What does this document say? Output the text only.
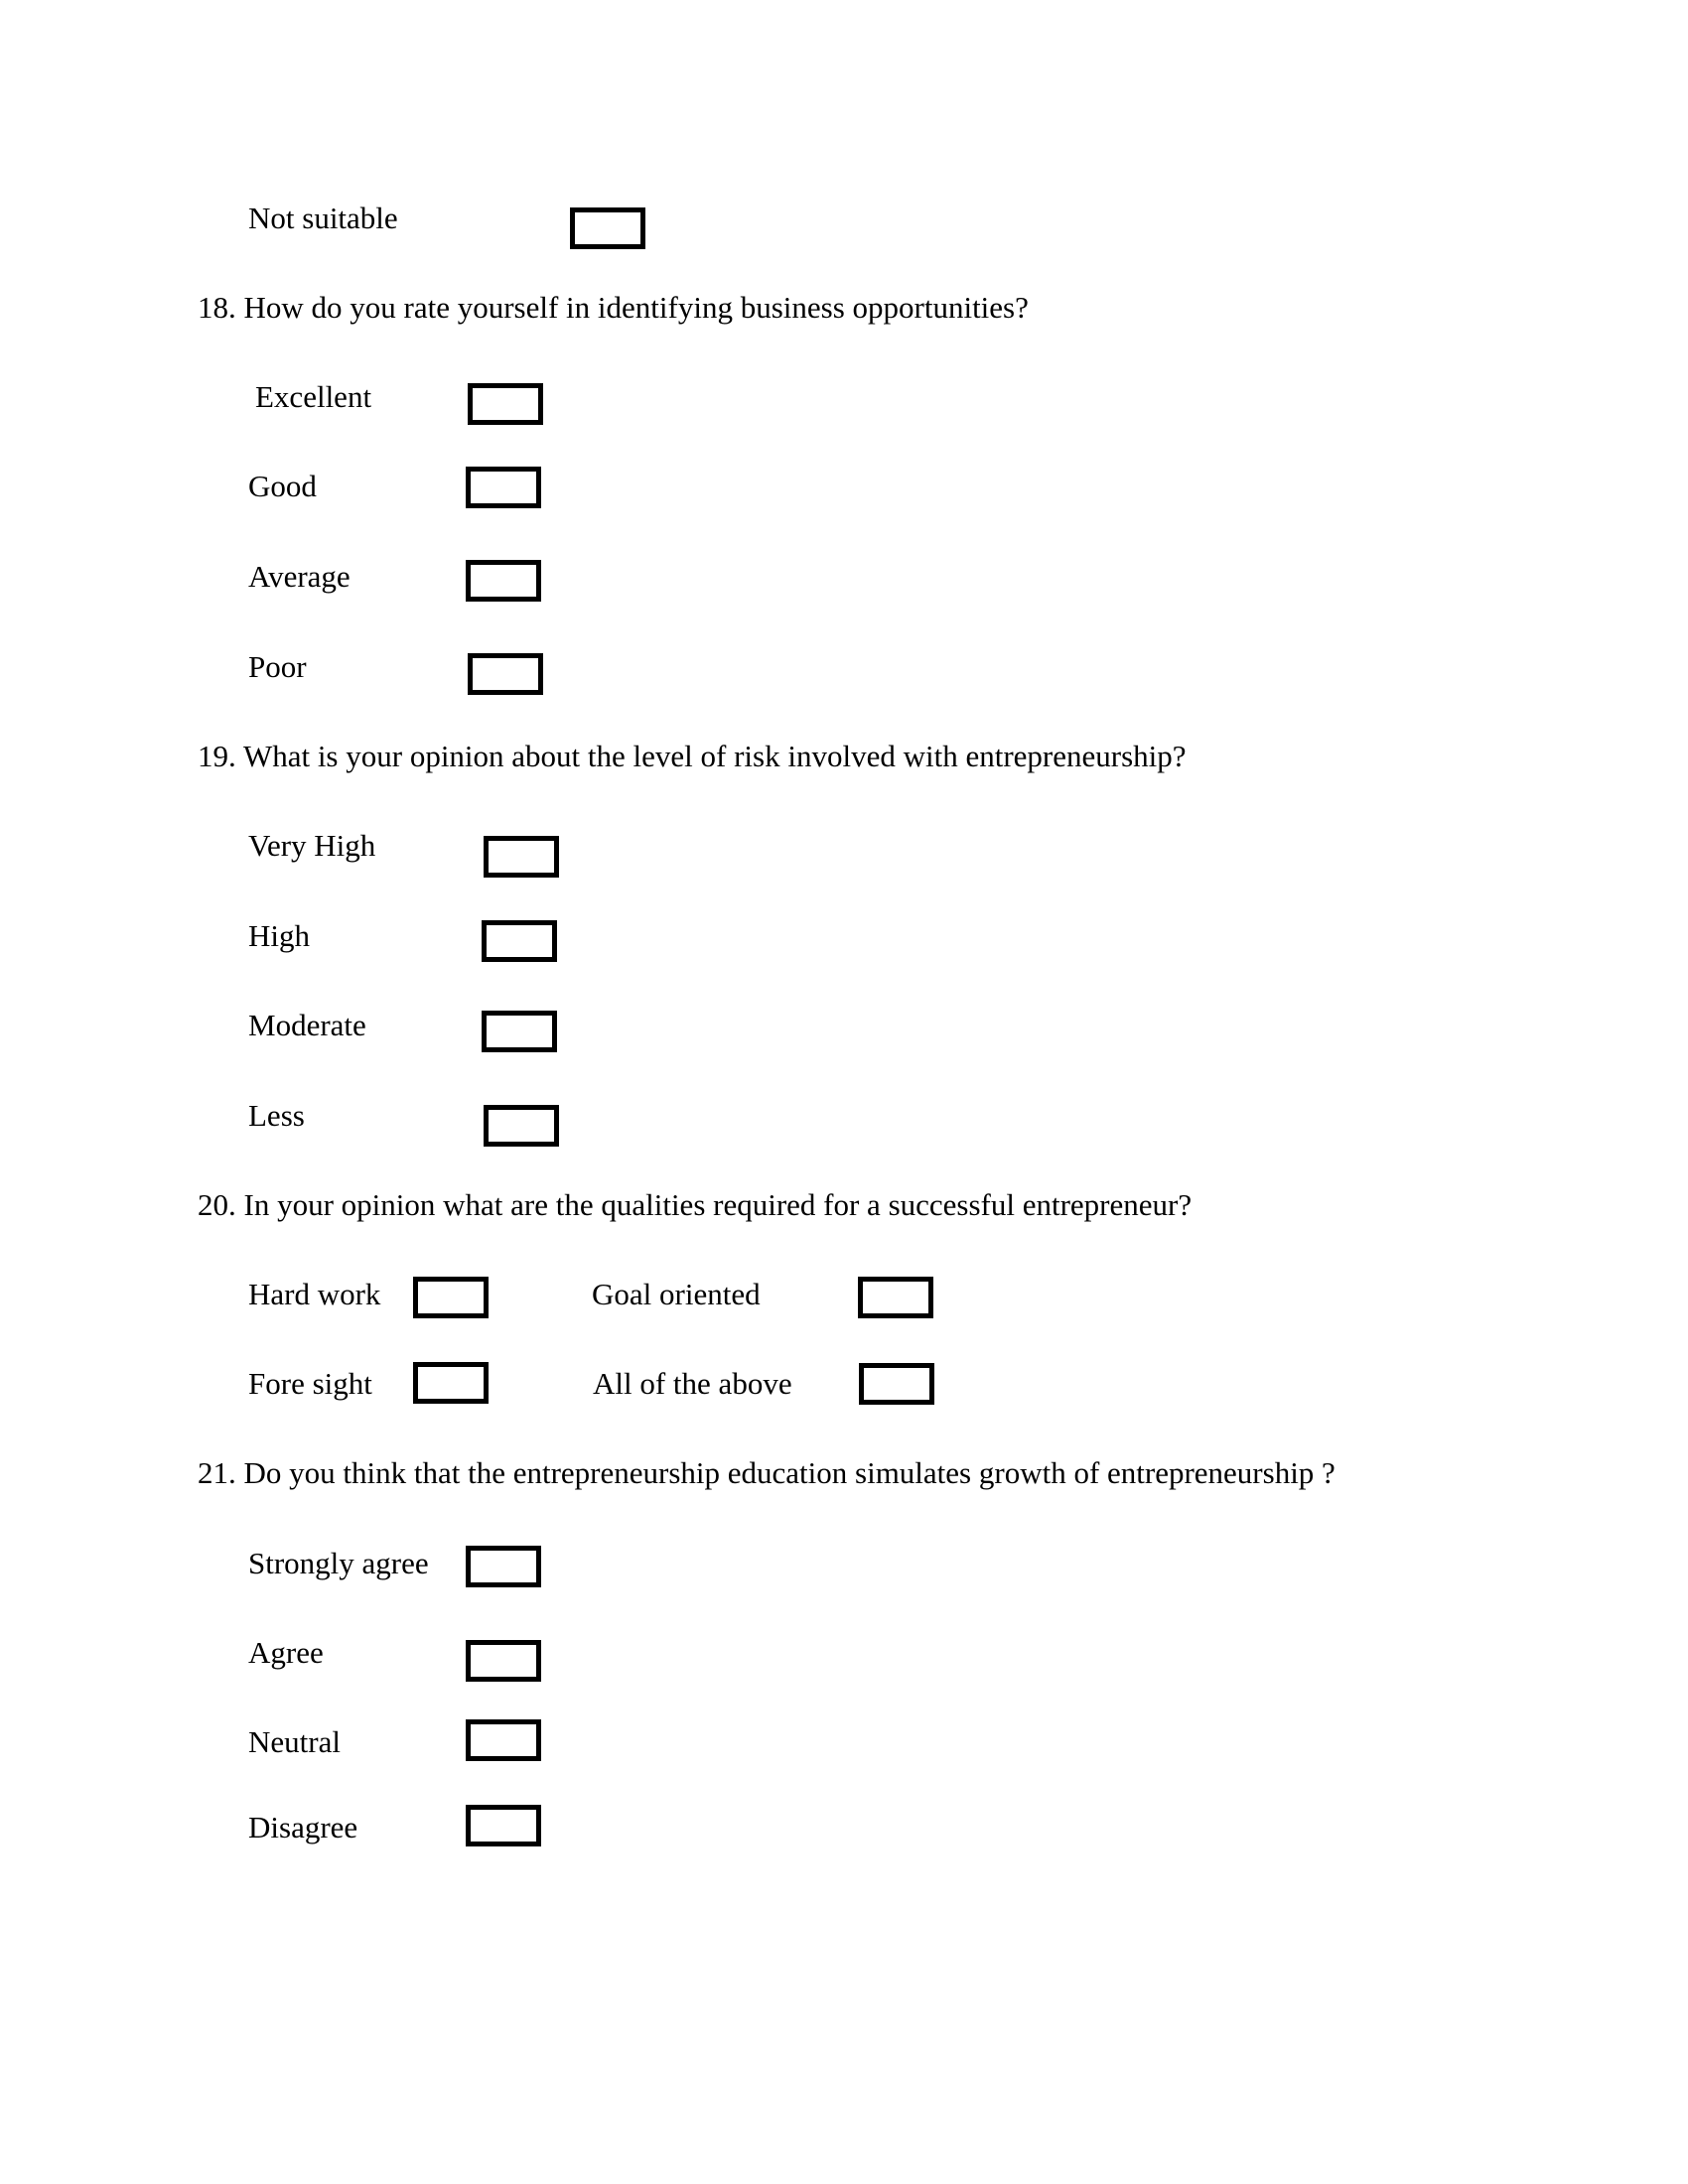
Not suitable
18. How do you rate yourself in identifying business opportunities?
Excellent
Good
Average
Poor
19. What is your opinion about the level of risk involved with entrepreneurship?
Very High
High
Moderate
Less
20. In your opinion what are the qualities required for a successful entrepreneur?
Hard work	Goal oriented
Fore sight	All of the above
21. Do you think that the entrepreneurship education simulates growth of entrepreneurship ?
Strongly agree
Agree
Neutral
Disagree
